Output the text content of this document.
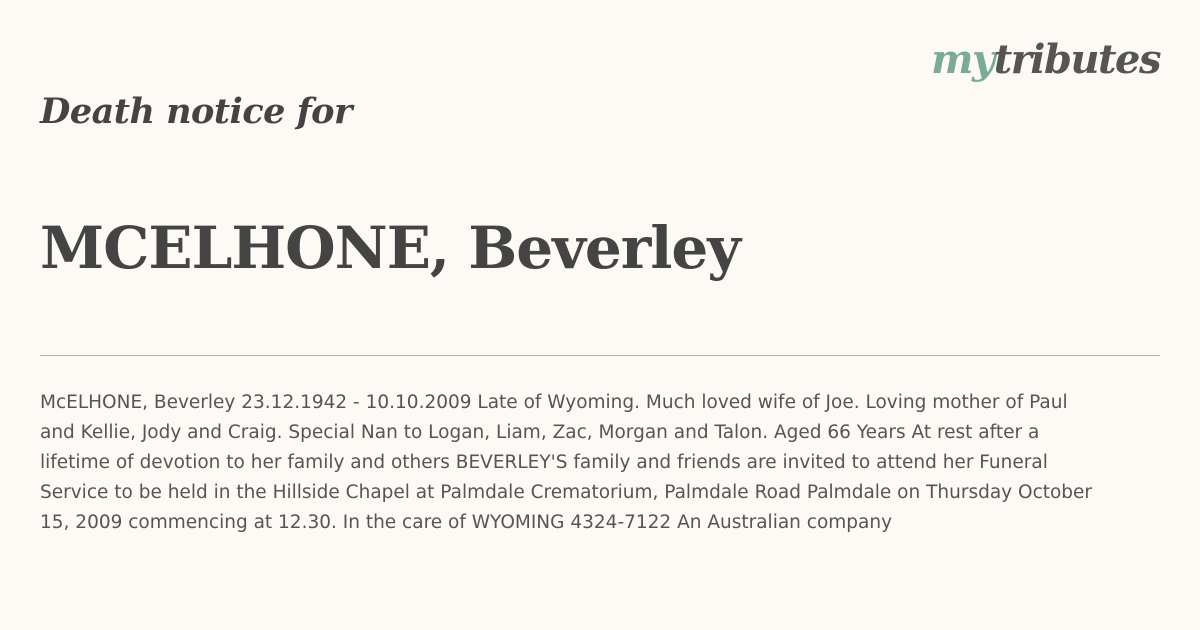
mytributes
Death notice for
MCELHONE, Beverley

McELHONE, Beverley 23.12.1942 - 10.10.2009 Late of Wyoming. Much loved wife of Joe. Loving mother of Paul
and Kellie, Jody and Craig. Special Nan to Logan, Liam, Zac, Morgan and Talon. Aged 66 Years At rest after a
lifetime of devotion to her family and others BEVERLEY'S family and friends are invited to attend her Funeral
Service to be held in the Hillside Chapel at Palmdale Crematorium, Palmdale Road Palmdale on Thursday October
15, 2009 commencing at 12.30. In the care of WYOMING 4324-7122 An Australian company
